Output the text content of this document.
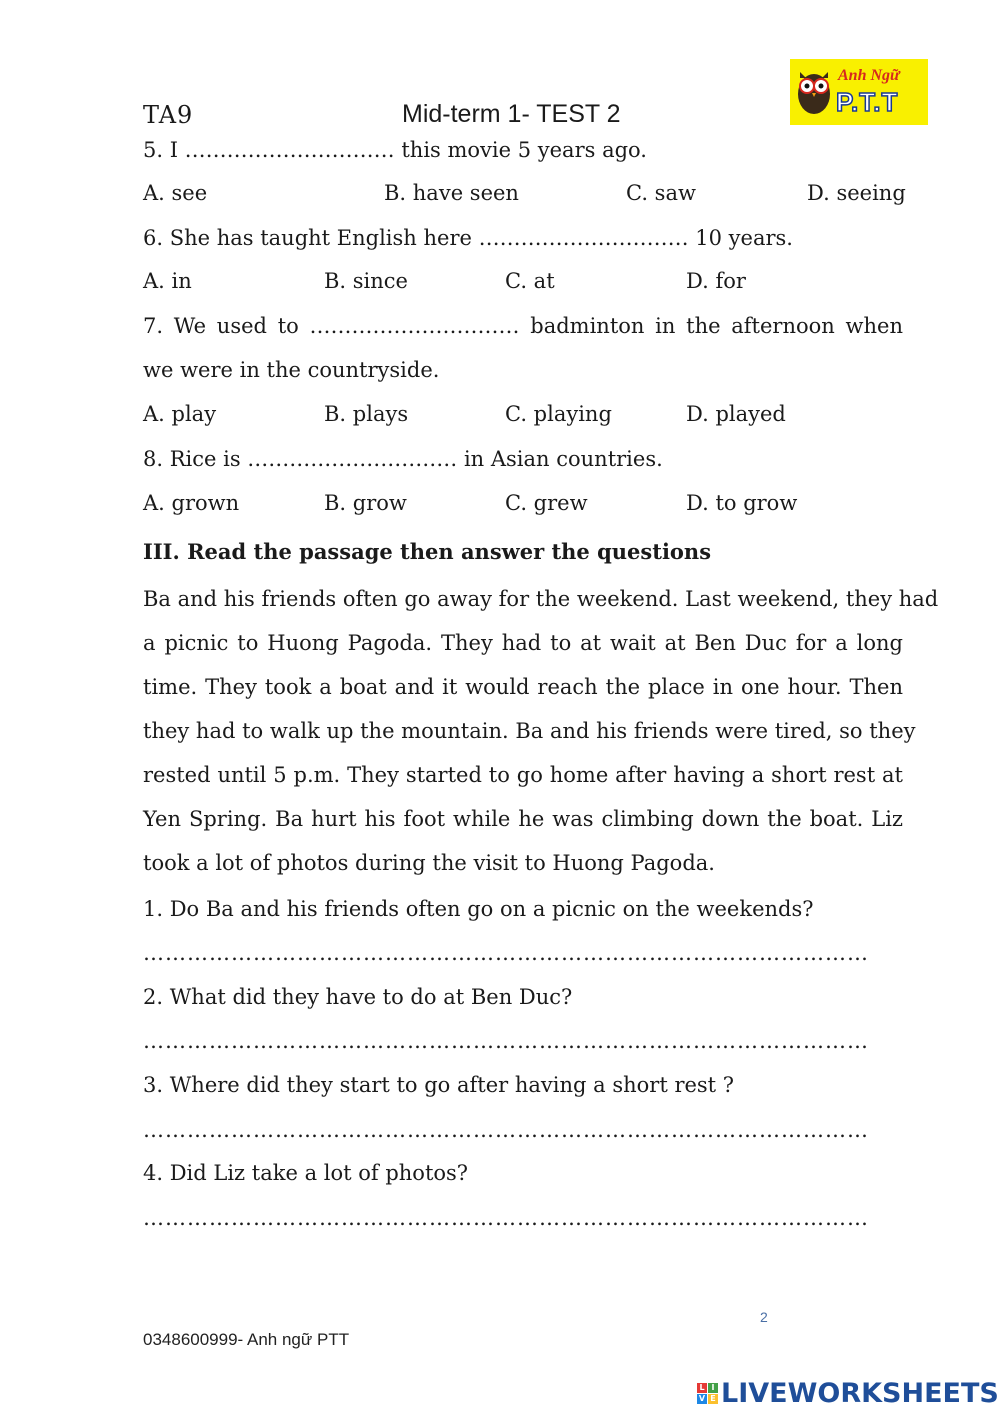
TA9	Mid-term 1- TEST 2
Anh Ngữ
P.T.T
5. I ………………………… this movie 5 years ago.
A. see	B. have seen	C. saw	D. seeing
6. She has taught English here ………………………… 10 years.
A. in	B. since	C. at	D. for
7. We used to ………………………… badminton in the afternoon when
we were in the countryside.
A. play	B. plays	C. playing	D. played
8. Rice is ………………………… in Asian countries.
A. grown	B. grow	C. grew	D. to grow
III. Read the passage then answer the questions
Ba and his friends often go away for the weekend. Last weekend, they had
a picnic to Huong Pagoda. They had to at wait at Ben Duc for a long
time. They took a boat and it would reach the place in one hour. Then
they had to walk up the mountain. Ba and his friends were tired, so they
rested until 5 p.m. They started to go home after having a short rest at
Yen Spring. Ba hurt his foot while he was climbing down the boat. Liz
took a lot of photos during the visit to Huong Pagoda.
1. Do Ba and his friends often go on a picnic on the weekends?
………………………………………………………………………………………
2. What did they have to do at Ben Duc?
………………………………………………………………………………………
3. Where did they start to go after having a short rest ?
………………………………………………………………………………………
4. Did Liz take a lot of photos?
………………………………………………………………………………………
2
0348600999- Anh ngữ PTT
L I
V E LIVEWORKSHEETS
